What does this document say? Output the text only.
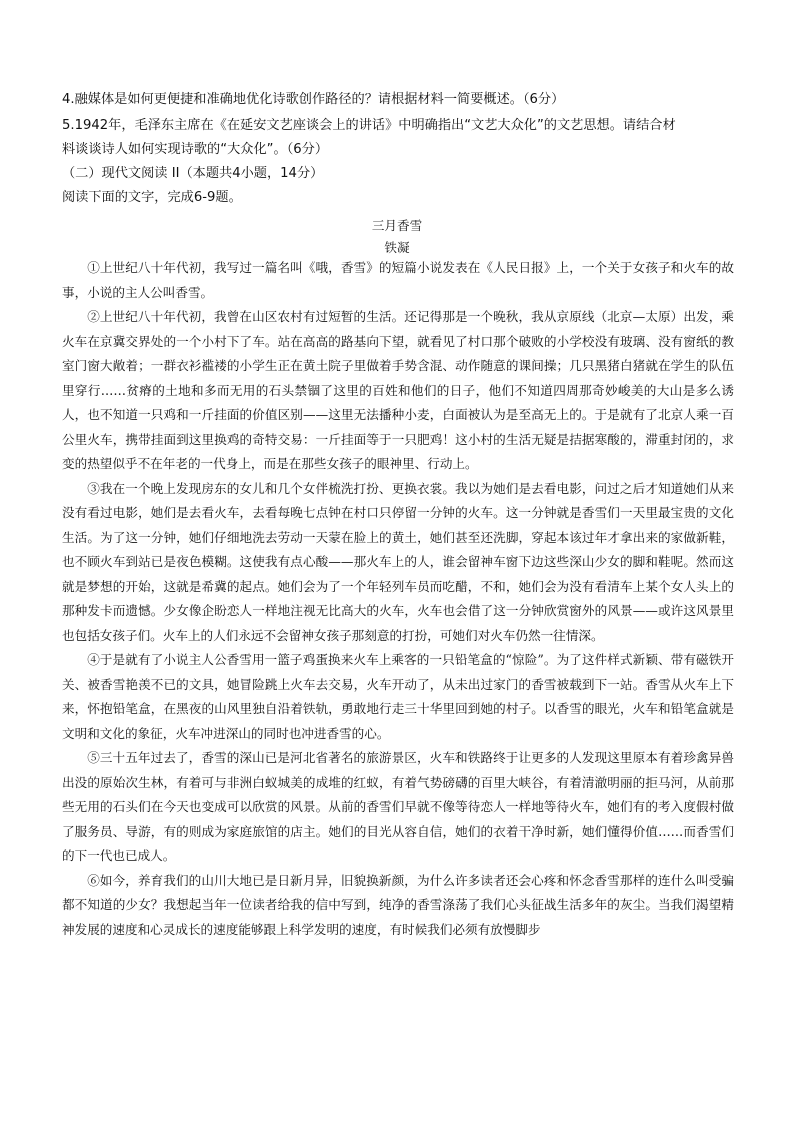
4.融媒体是如何更便捷和准确地优化诗歌创作路径的？请根据材料一简要概述。（6分）

5.1942年，毛泽东主席在《在延安文艺座谈会上的讲话》中明确指出“文艺大众化”的文艺思想。请结合材

料谈谈诗人如何实现诗歌的“大众化”。（6分）

（二）现代文阅读 II（本题共4小题，14分）

阅读下面的文字，完成6-9题。

三月香雪

铁凝

①上世纪八十年代初，我写过一篇名叫《哦，香雪》的短篇小说发表在《人民日报》上，一个关于女孩子和火车的故事，小说的主人公叫香雪。

②上世纪八十年代初，我曾在山区农村有过短暂的生活。还记得那是一个晚秋，我从京原线（北京—太原）出发，乘火车在京冀交界处的一个小村下了车。站在高高的路基向下望，就看见了村口那个破败的小学校没有玻璃、没有窗纸的教室门窗大敞着；一群衣衫褴褛的小学生正在黄土院子里做着手势含混、动作随意的课间操；几只黑猪白猪就在学生的队伍里穿行……贫瘠的土地和多而无用的石头禁锢了这里的百姓和他们的日子，他们不知道四周那奇妙峻美的大山是多么诱人，也不知道一只鸡和一斤挂面的价值区别——这里无法播种小麦，白面被认为是至高无上的。于是就有了北京人乘一百公里火车，携带挂面到这里换鸡的奇特交易：一斤挂面等于一只肥鸡！这小村的生活无疑是拮据寒酸的，滞重封闭的，求变的热望似乎不在年老的一代身上，而是在那些女孩子的眼神里、行动上。

③我在一个晚上发现房东的女儿和几个女伴梳洗打扮、更换衣裳。我以为她们是去看电影，问过之后才知道她们从来没有看过电影，她们是去看火车，去看每晚七点钟在村口只停留一分钟的火车。这一分钟就是香雪们一天里最宝贵的文化生活。为了这一分钟，她们仔细地洗去劳动一天蒙在脸上的黄土，她们甚至还洗脚，穿起本该过年才拿出来的家做新鞋，也不顾火车到站已是夜色模糊。这使我有点心酸——那火车上的人，谁会留神车窗下边这些深山少女的脚和鞋呢。然而这就是梦想的开始，这就是希冀的起点。她们会为了一个年轻列车员而吃醋，不和，她们会为没有看清车上某个女人头上的那种发卡而遗憾。少女像企盼恋人一样地注视无比高大的火车，火车也会借了这一分钟欣赏窗外的风景——或许这风景里也包括女孩子们。火车上的人们永远不会留神女孩子那刻意的打扮，可她们对火车仍然一往情深。

④于是就有了小说主人公香雪用一篮子鸡蛋换来火车上乘客的一只铅笔盒的“惊险”。为了这件样式新颖、带有磁铁开关、被香雪艳羡不已的文具，她冒险跳上火车去交易，火车开动了，从未出过家门的香雪被载到下一站。香雪从火车上下来，怀抱铅笔盒，在黑夜的山风里独自沿着铁轨，勇敢地行走三十华里回到她的村子。以香雪的眼光，火车和铅笔盒就是文明和文化的象征，火车冲进深山的同时也冲进香雪的心。

⑤三十五年过去了，香雪的深山已是河北省著名的旅游景区，火车和铁路终于让更多的人发现这里原本有着珍禽异兽出没的原始次生林，有着可与非洲白蚁城美的成堆的红蚁，有着气势磅礴的百里大峡谷，有着清澈明丽的拒马河，从前那些无用的石头们在今天也变成可以欣赏的风景。从前的香雪们早就不像等待恋人一样地等待火车，她们有的考入度假村做了服务员、导游，有的则成为家庭旅馆的店主。她们的目光从容自信，她们的衣着干净时新，她们懂得价值……而香雪们的下一代也已成人。

⑥如今，养育我们的山川大地已是日新月异，旧貌换新颜，为什么许多读者还会心疼和怀念香雪那样的连什么叫受骗都不知道的少女？我想起当年一位读者给我的信中写到，纯净的香雪涤荡了我们心头征战生活多年的灰尘。当我们渴望精神发展的速度和心灵成长的速度能够跟上科学发明的速度，有时候我们必须有放慢脚步
